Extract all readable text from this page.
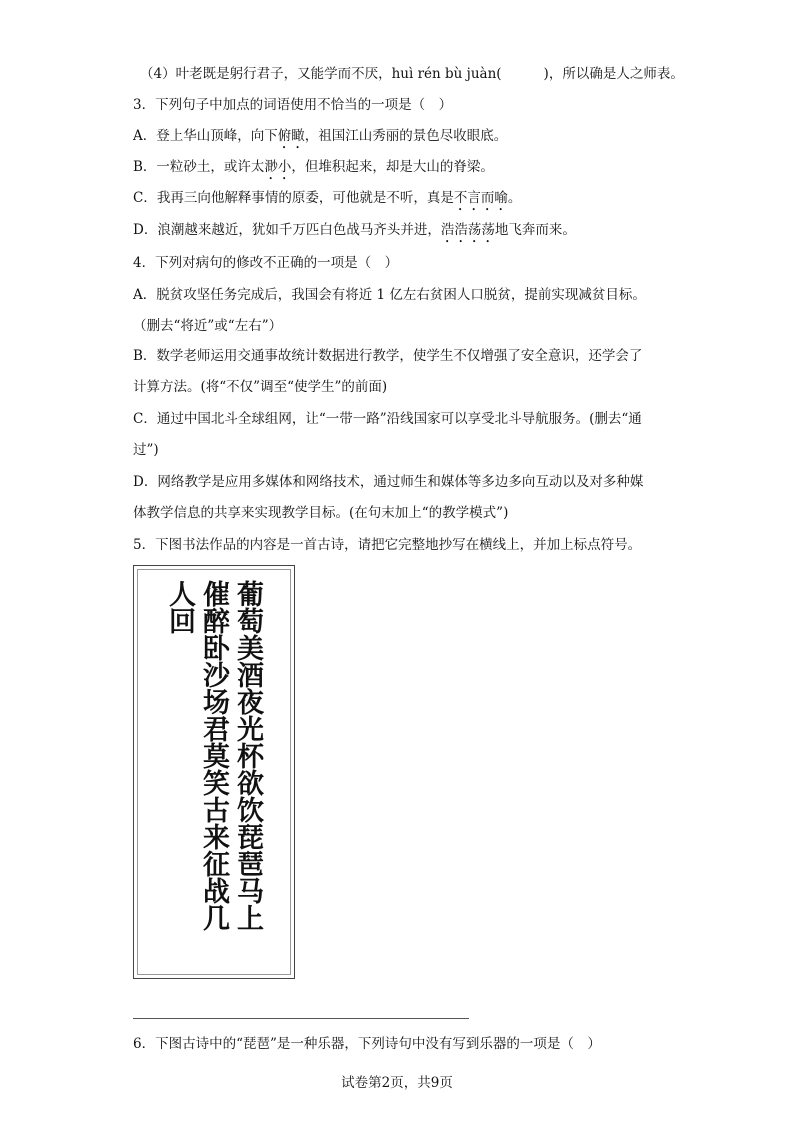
（4）叶老既是躬行君子，又能学而不厌，huì rén bù juàn(	)，所以确是人之师表。
3．下列句子中加点的词语使用不恰当的一项是（　）
A．登上华山顶峰，向下俯瞰，祖国江山秀丽的景色尽收眼底。
B．一粒砂土，或许太渺小，但堆积起来，却是大山的脊梁。
C．我再三向他解释事情的原委，可他就是不听，真是不言而喻。
D．浪潮越来越近，犹如千万匹白色战马齐头并进，浩浩荡荡地飞奔而来。
4．下列对病句的修改不正确的一项是（　）
A．脱贫攻坚任务完成后，我国会有将近 1 亿左右贫困人口脱贫，提前实现减贫目标。
（删去“将近”或“左右”）
B．数学老师运用交通事故统计数据进行教学，使学生不仅增强了安全意识，还学会了
计算方法。(将“不仅”调至“使学生”的前面)
C．通过中国北斗全球组网，让“一带一路”沿线国家可以享受北斗导航服务。(删去“通
过”)
D．网络教学是应用多媒体和网络技术，通过师生和媒体等多边多向互动以及对多种媒
体教学信息的共享来实现教学目标。(在句末加上“的教学模式”)
5．下图书法作品的内容是一首古诗，请把它完整地抄写在横线上，并加上标点符号。
葡萄美酒夜光杯欲饮琵琶马上
催醉卧沙场君莫笑古来征战几
人回
6．下图古诗中的“琵琶”是一种乐器，下列诗句中没有写到乐器的一项是（　）
试卷第2页，共9页
